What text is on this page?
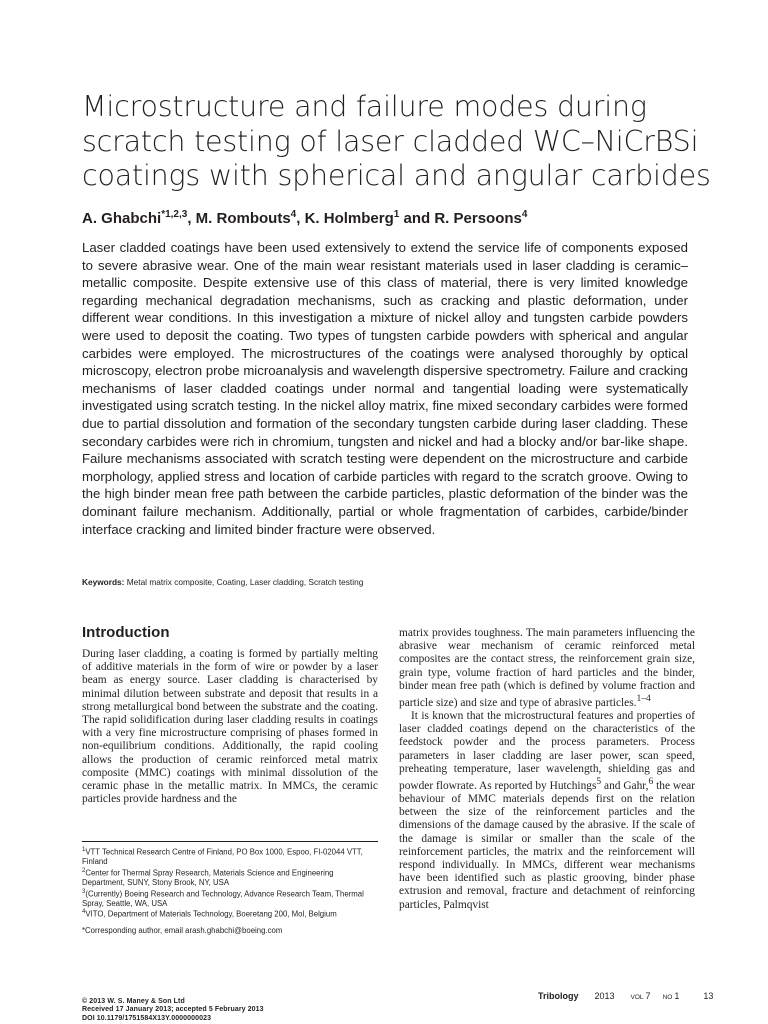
Microstructure and failure modes during scratch testing of laser cladded WC–NiCrBSi coatings with spherical and angular carbides
A. Ghabchi$^{*1,2,3}$, M. Rombouts$^4$, K. Holmberg$^1$ and R. Persoons$^4$

Laser cladded coatings have been used extensively to extend the service life of components exposed to severe abrasive wear. One of the main wear resistant materials used in laser cladding is ceramic–metallic composite. Despite extensive use of this class of material, there is very limited knowledge regarding mechanical degradation mechanisms, such as cracking and plastic deformation, under different wear conditions. In this investigation a mixture of nickel alloy and tungsten carbide powders were used to deposit the coating. Two types of tungsten carbide powders with spherical and angular carbides were employed. The microstructures of the coatings were analysed thoroughly by optical microscopy, electron probe microanalysis and wavelength dispersive spectrometry. Failure and cracking mechanisms of laser cladded coatings under normal and tangential loading were systematically investigated using scratch testing. In the nickel alloy matrix, fine mixed secondary carbides were formed due to partial dissolution and formation of the secondary tungsten carbide during laser cladding. These secondary carbides were rich in chromium, tungsten and nickel and had a blocky and/or bar-like shape. Failure mechanisms associated with scratch testing were dependent on the microstructure and carbide morphology, applied stress and location of carbide particles with regard to the scratch groove. Owing to the high binder mean free path between the carbide particles, plastic deformation of the binder was the dominant failure mechanism. Additionally, partial or whole fragmentation of carbides, carbide/binder interface cracking and limited binder fracture were observed.

Keywords: Metal matrix composite, Coating, Laser cladding, Scratch testing
Introduction

During laser cladding, a coating is formed by partially melting of additive materials in the form of wire or powder by a laser beam as energy source. Laser cladding is characterised by minimal dilution between substrate and deposit that results in a strong metallurgical bond between the substrate and the coating. The rapid solidification during laser cladding results in coatings with a very fine microstructure comprising of phases formed in non-equilibrium conditions. Additionally, the rapid cooling allows the production of ceramic reinforced metal matrix composite (MMC) coatings with minimal dissolution of the ceramic phase in the metallic matrix. In MMCs, the ceramic particles provide hardness and the

$^1$VTT Technical Research Centre of Finland, PO Box 1000, Espoo, FI-02044 VTT, Finland

$^2$Center for Thermal Spray Research, Materials Science and Engineering Department, SUNY, Stony Brook, NY, USA

$^3$(Currently) Boeing Research and Technology, Advance Research Team, Thermal Spray, Seattle, WA, USA

$^4$VITO, Department of Materials Technology, Boeretang 200, Mol, Belgium

*Corresponding author, email arash.ghabchi@boeing.com

matrix provides toughness. The main parameters influencing the abrasive wear mechanism of ceramic reinforced metal composites are the contact stress, the reinforcement grain size, grain type, volume fraction of hard particles and the binder, binder mean free path (which is defined by volume fraction and particle size) and size and type of abrasive particles.$^{1-4}$

It is known that the microstructural features and properties of laser cladded coatings depend on the characteristics of the feedstock powder and the process parameters. Process parameters in laser cladding are laser power, scan speed, preheating temperature, laser wavelength, shielding gas and powder flowrate. As reported by Hutchings$^5$ and Gahr,$^6$ the wear behaviour of MMC materials depends first on the relation between the size of the reinforcement particles and the dimensions of the damage caused by the abrasive. If the scale of the damage is similar or smaller than the scale of the reinforcement particles, the matrix and the reinforcement will respond individually. In MMCs, different wear mechanisms have been identified such as plastic grooving, binder phase extrusion and removal, fracture and detachment of reinforcing particles, Palmqvist

© 2013 W. S. Maney & Son Ltd
Received 17 January 2013; accepted 5 February 2013
DOI 10.1179/1751584X13Y.0000000023
Tribology 2013 VOL 7 NO 1	13
